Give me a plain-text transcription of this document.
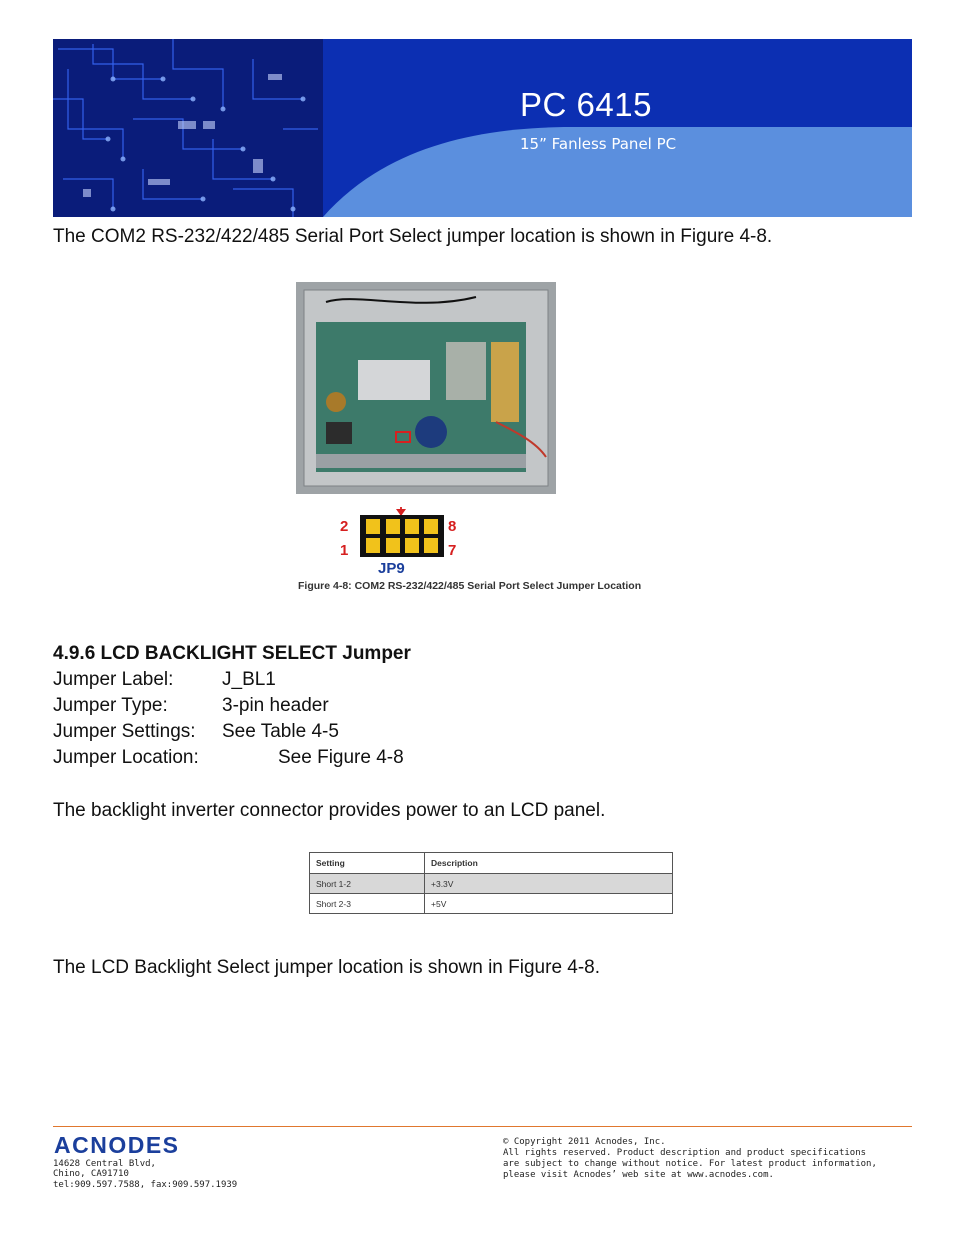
PC 6415
15” Fanless Panel PC
The COM2 RS-232/422/485 Serial Port Select jumper location is shown in Figure 4-8.
2
1
8
7
JP9
Figure 4-8: COM2 RS-232/422/485 Serial Port Select Jumper Location
4.9.6 LCD BACKLIGHT SELECT Jumper
Jumper Label:	J_BL1
Jumper Type:	3-pin header
Jumper Settings: See Table 4-5
Jumper Location:	See Figure 4-8
The backlight inverter connector provides power to an LCD panel.
Setting	Description
Short 1-2	+3.3V
Short 2-3	+5V
The LCD Backlight Select jumper location is shown in Figure 4-8.
ACNODES
14628 Central Blvd,
Chino, CA91710
tel:909.597.7588, fax:909.597.1939
© Copyright 2011 Acnodes, Inc.
All rights reserved. Product description and product specifications
are subject to change without notice. For latest product information,
please visit Acnodes’ web site at www.acnodes.com.
